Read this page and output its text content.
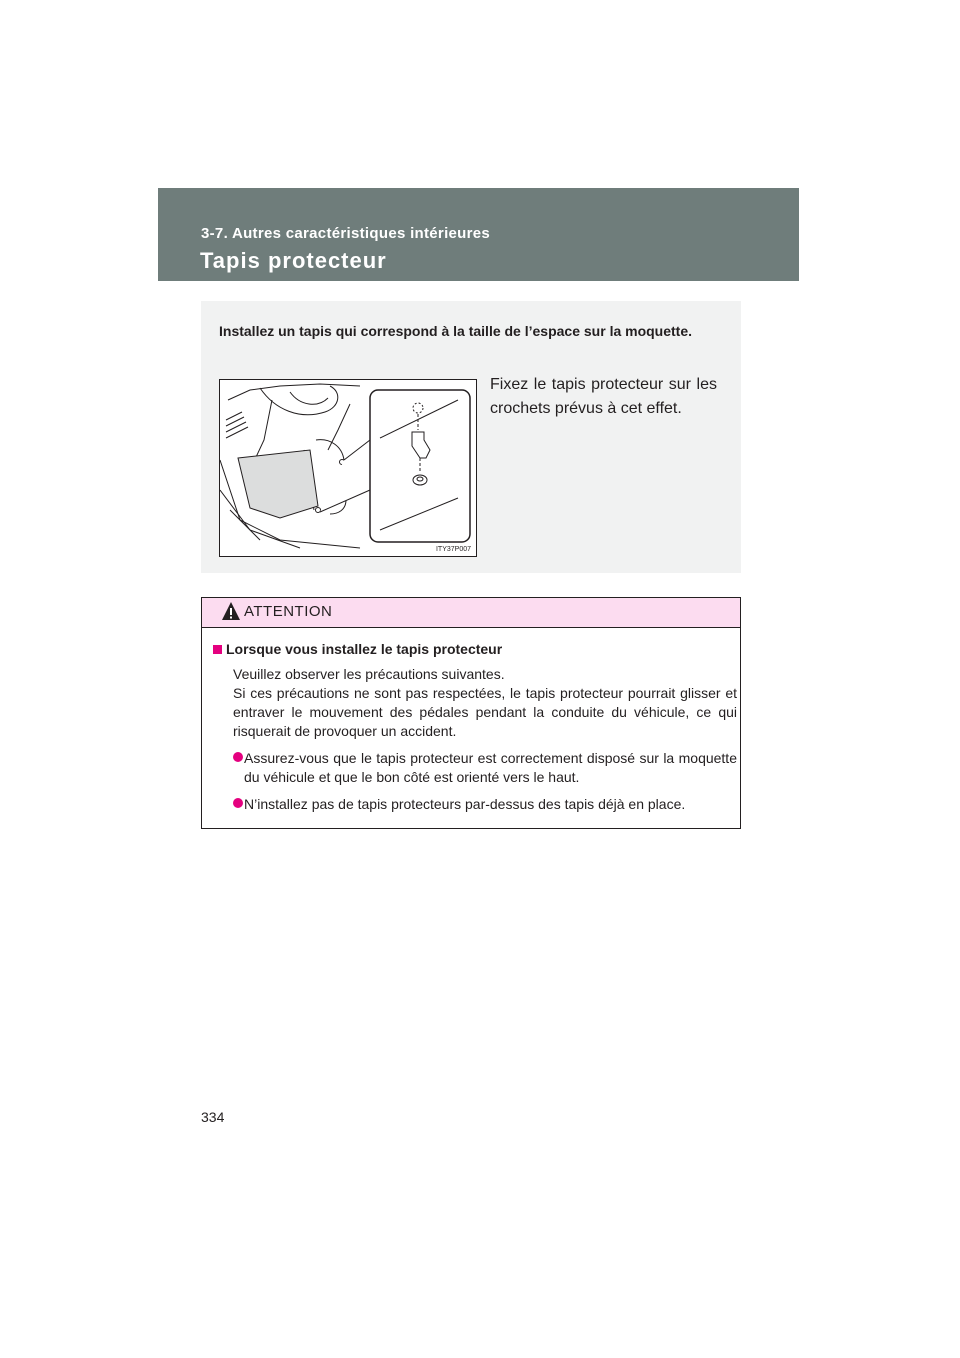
3-7. Autres caractéristiques intérieures
Tapis protecteur
Installez un tapis qui correspond à la taille de l’espace sur la moquette.
ITY37P007
Fixez le tapis protecteur sur les crochets prévus à cet effet.
ATTENTION
Lorsque vous installez le tapis protecteur
Veuillez observer les précautions suivantes.
Si ces précautions ne sont pas respectées, le tapis protecteur pourrait glisser et entraver le mouvement des pédales pendant la conduite du véhicule, ce qui risquerait de provoquer un accident.
Assurez-vous que le tapis protecteur est correctement disposé sur la moquette du véhicule et que le bon côté est orienté vers le haut.
N’installez pas de tapis protecteurs par-dessus des tapis déjà en place.
334
